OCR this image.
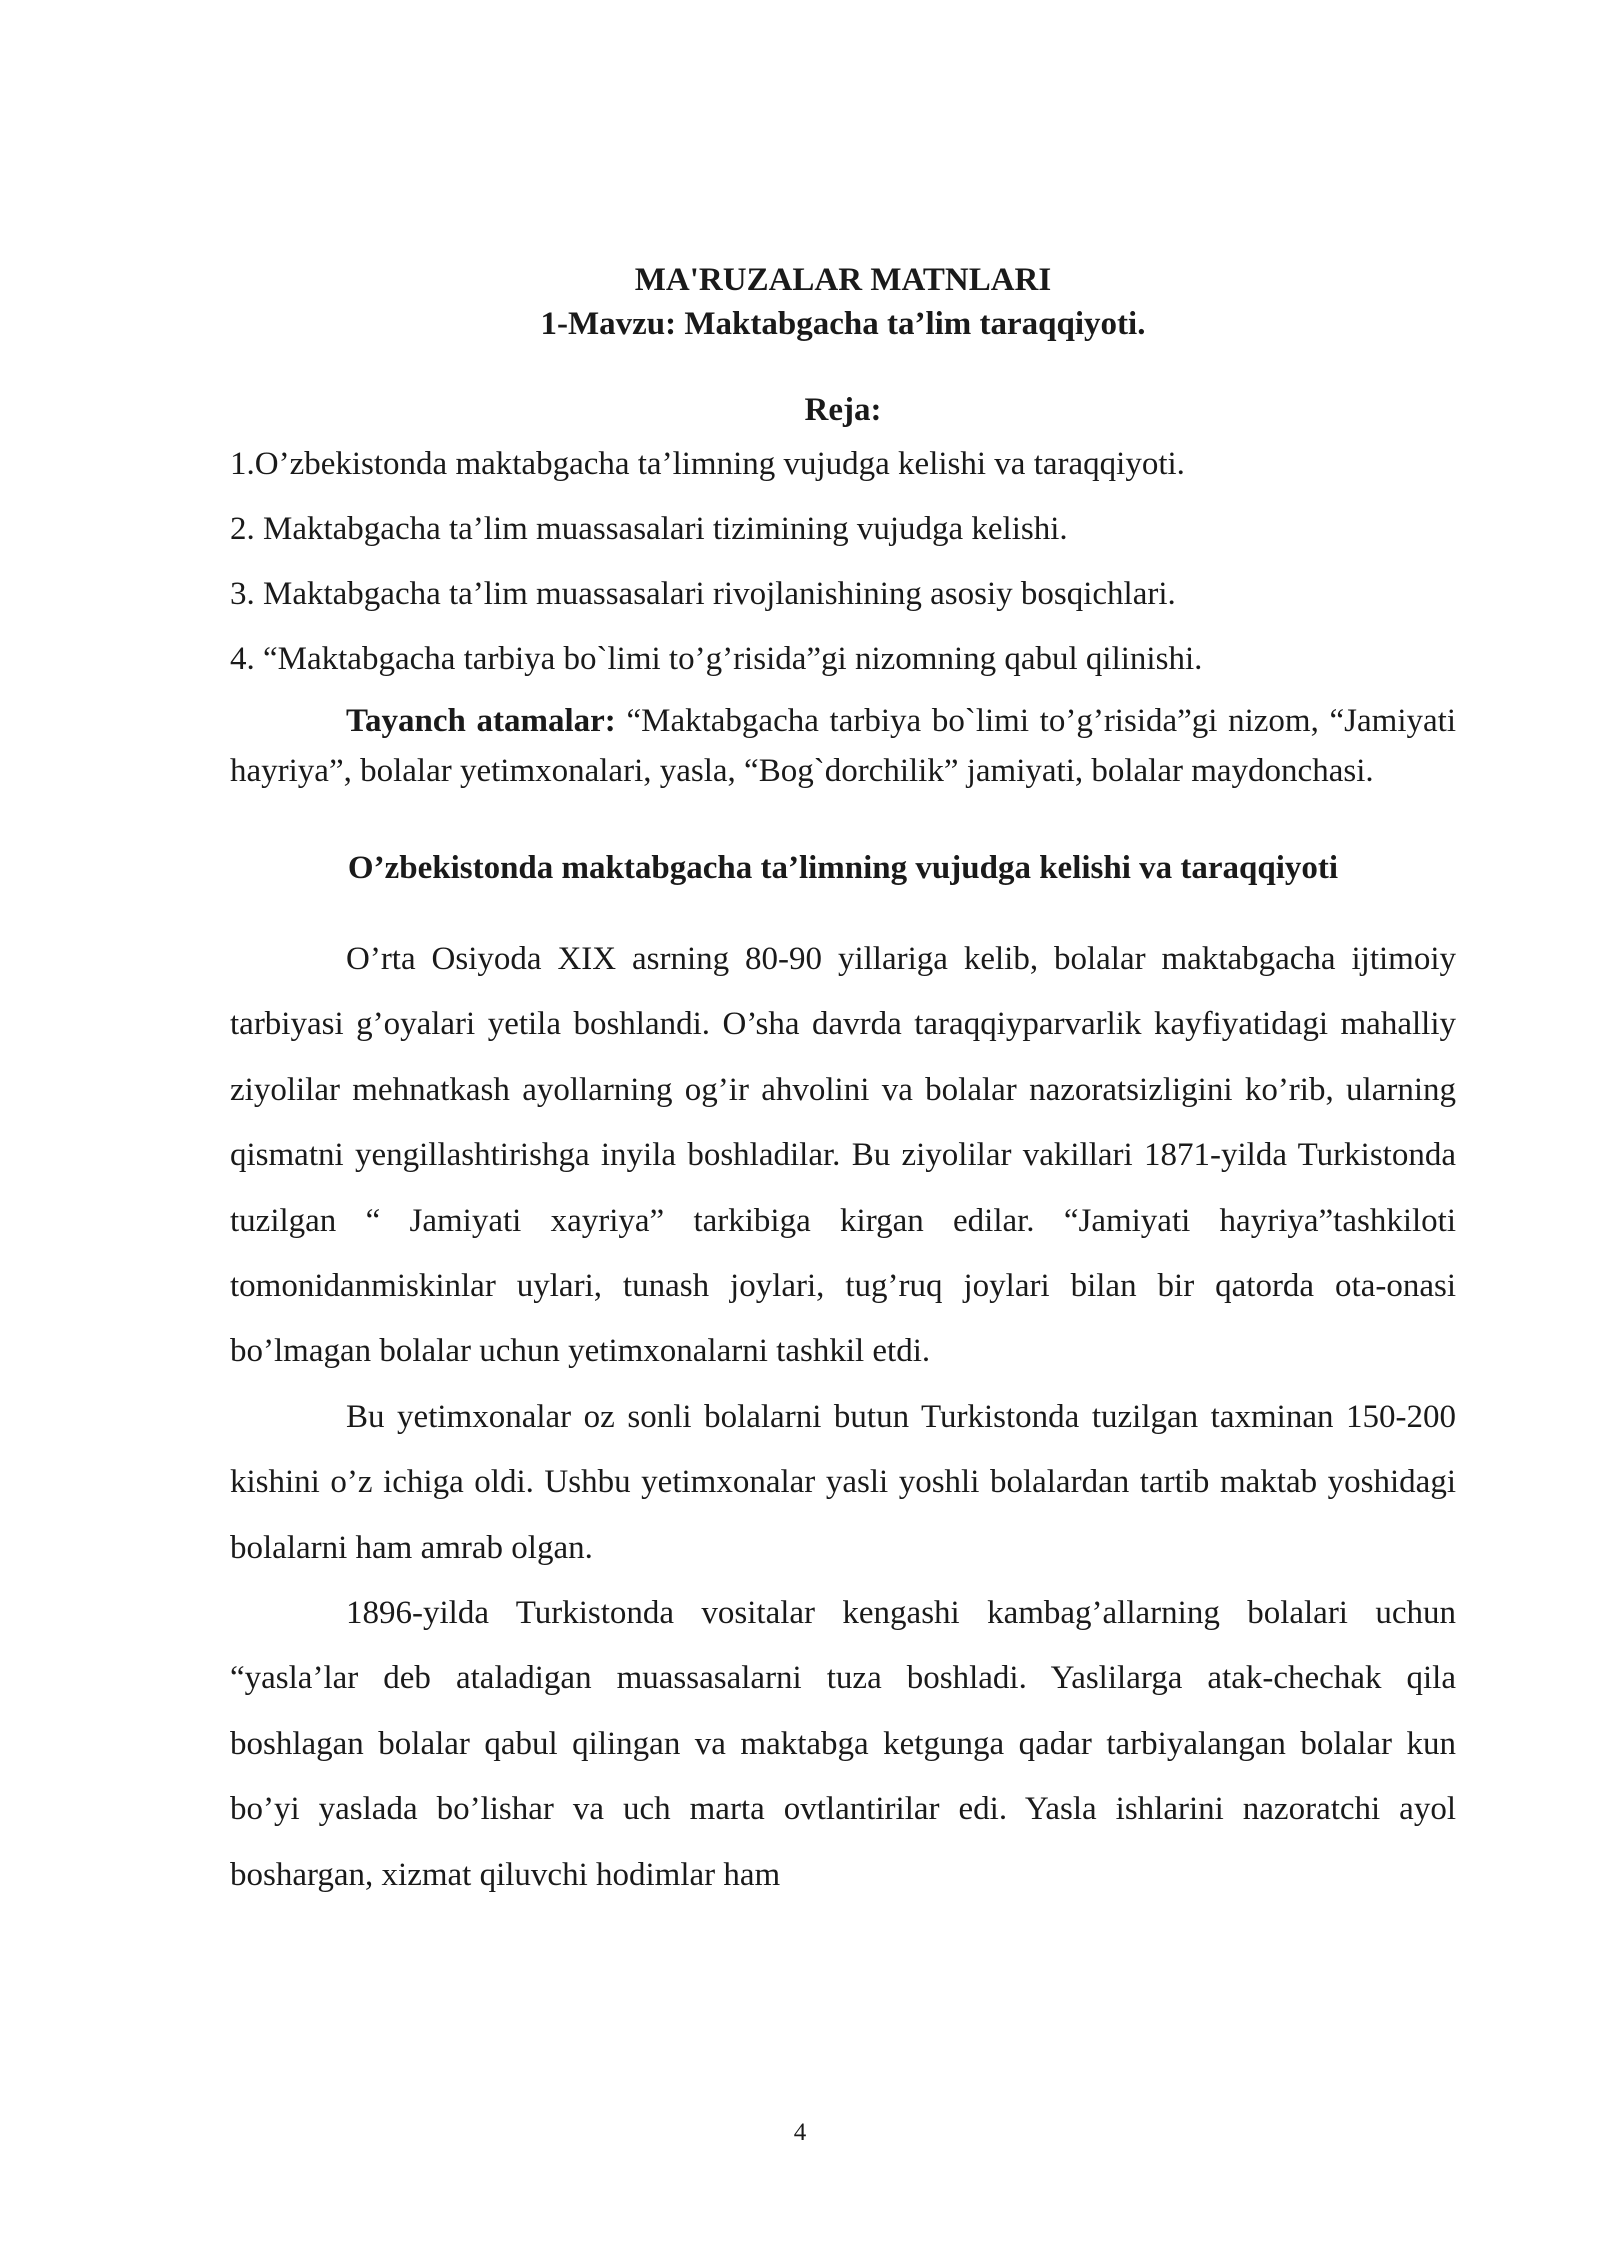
MA'RUZALAR MATNLARI

1-Mavzu: Maktabgacha ta’lim taraqqiyoti.

Reja:

1.O’zbekistonda maktabgacha ta’limning vujudga kelishi va taraqqiyoti.
2. Maktabgacha ta’lim muassasalari tizimining vujudga kelishi.
3. Maktabgacha ta’lim muassasalari rivojlanishining asosiy bosqichlari.
4. “Maktabgacha tarbiya bo`limi to’g’risida”gi nizomning qabul qilinishi.

Tayanch atamalar: “Maktabgacha tarbiya bo`limi to’g’risida”gi nizom, “Jamiyati hayriya”, bolalar yetimxonalari, yasla, “Bog`dorchilik” jamiyati, bolalar maydonchasi.

O’zbekistonda maktabgacha ta’limning vujudga kelishi va taraqqiyoti

O’rta Osiyoda XIX asrning 80-90 yillariga kelib, bolalar maktabgacha ijtimoiy tarbiyasi g’oyalari yetila boshlandi. O’sha davrda taraqqiyparvarlik kayfiyatidagi mahalliy ziyolilar mehnatkash ayollarning og’ir ahvolini va bolalar nazoratsizligini ko’rib, ularning qismatni yengillashtirishga inyila boshladilar. Bu ziyolilar vakillari 1871-yilda Turkistonda tuzilgan “ Jamiyati xayriya” tarkibiga kirgan edilar. “Jamiyati hayriya”tashkiloti tomonidanmiskinlar uylari, tunash joylari, tug’ruq joylari bilan bir qatorda ota-onasi bo’lmagan bolalar uchun yetimxonalarni tashkil etdi.

Bu yetimxonalar oz sonli bolalarni butun Turkistonda tuzilgan taxminan 150-200 kishini o’z ichiga oldi. Ushbu yetimxonalar yasli yoshli bolalardan tartib maktab yoshidagi bolalarni ham amrab olgan.

1896-yilda Turkistonda vositalar kengashi kambag’allarning bolalari uchun “yasla’lar deb ataladigan muassasalarni tuza boshladi. Yaslilarga atak-chechak qila boshlagan bolalar qabul qilingan va maktabga ketgunga qadar tarbiyalangan bolalar kun bo’yi yaslada bo’lishar va uch marta ovtlantirilar edi. Yasla ishlarini nazoratchi ayol boshargan, xizmat qiluvchi hodimlar ham

4
